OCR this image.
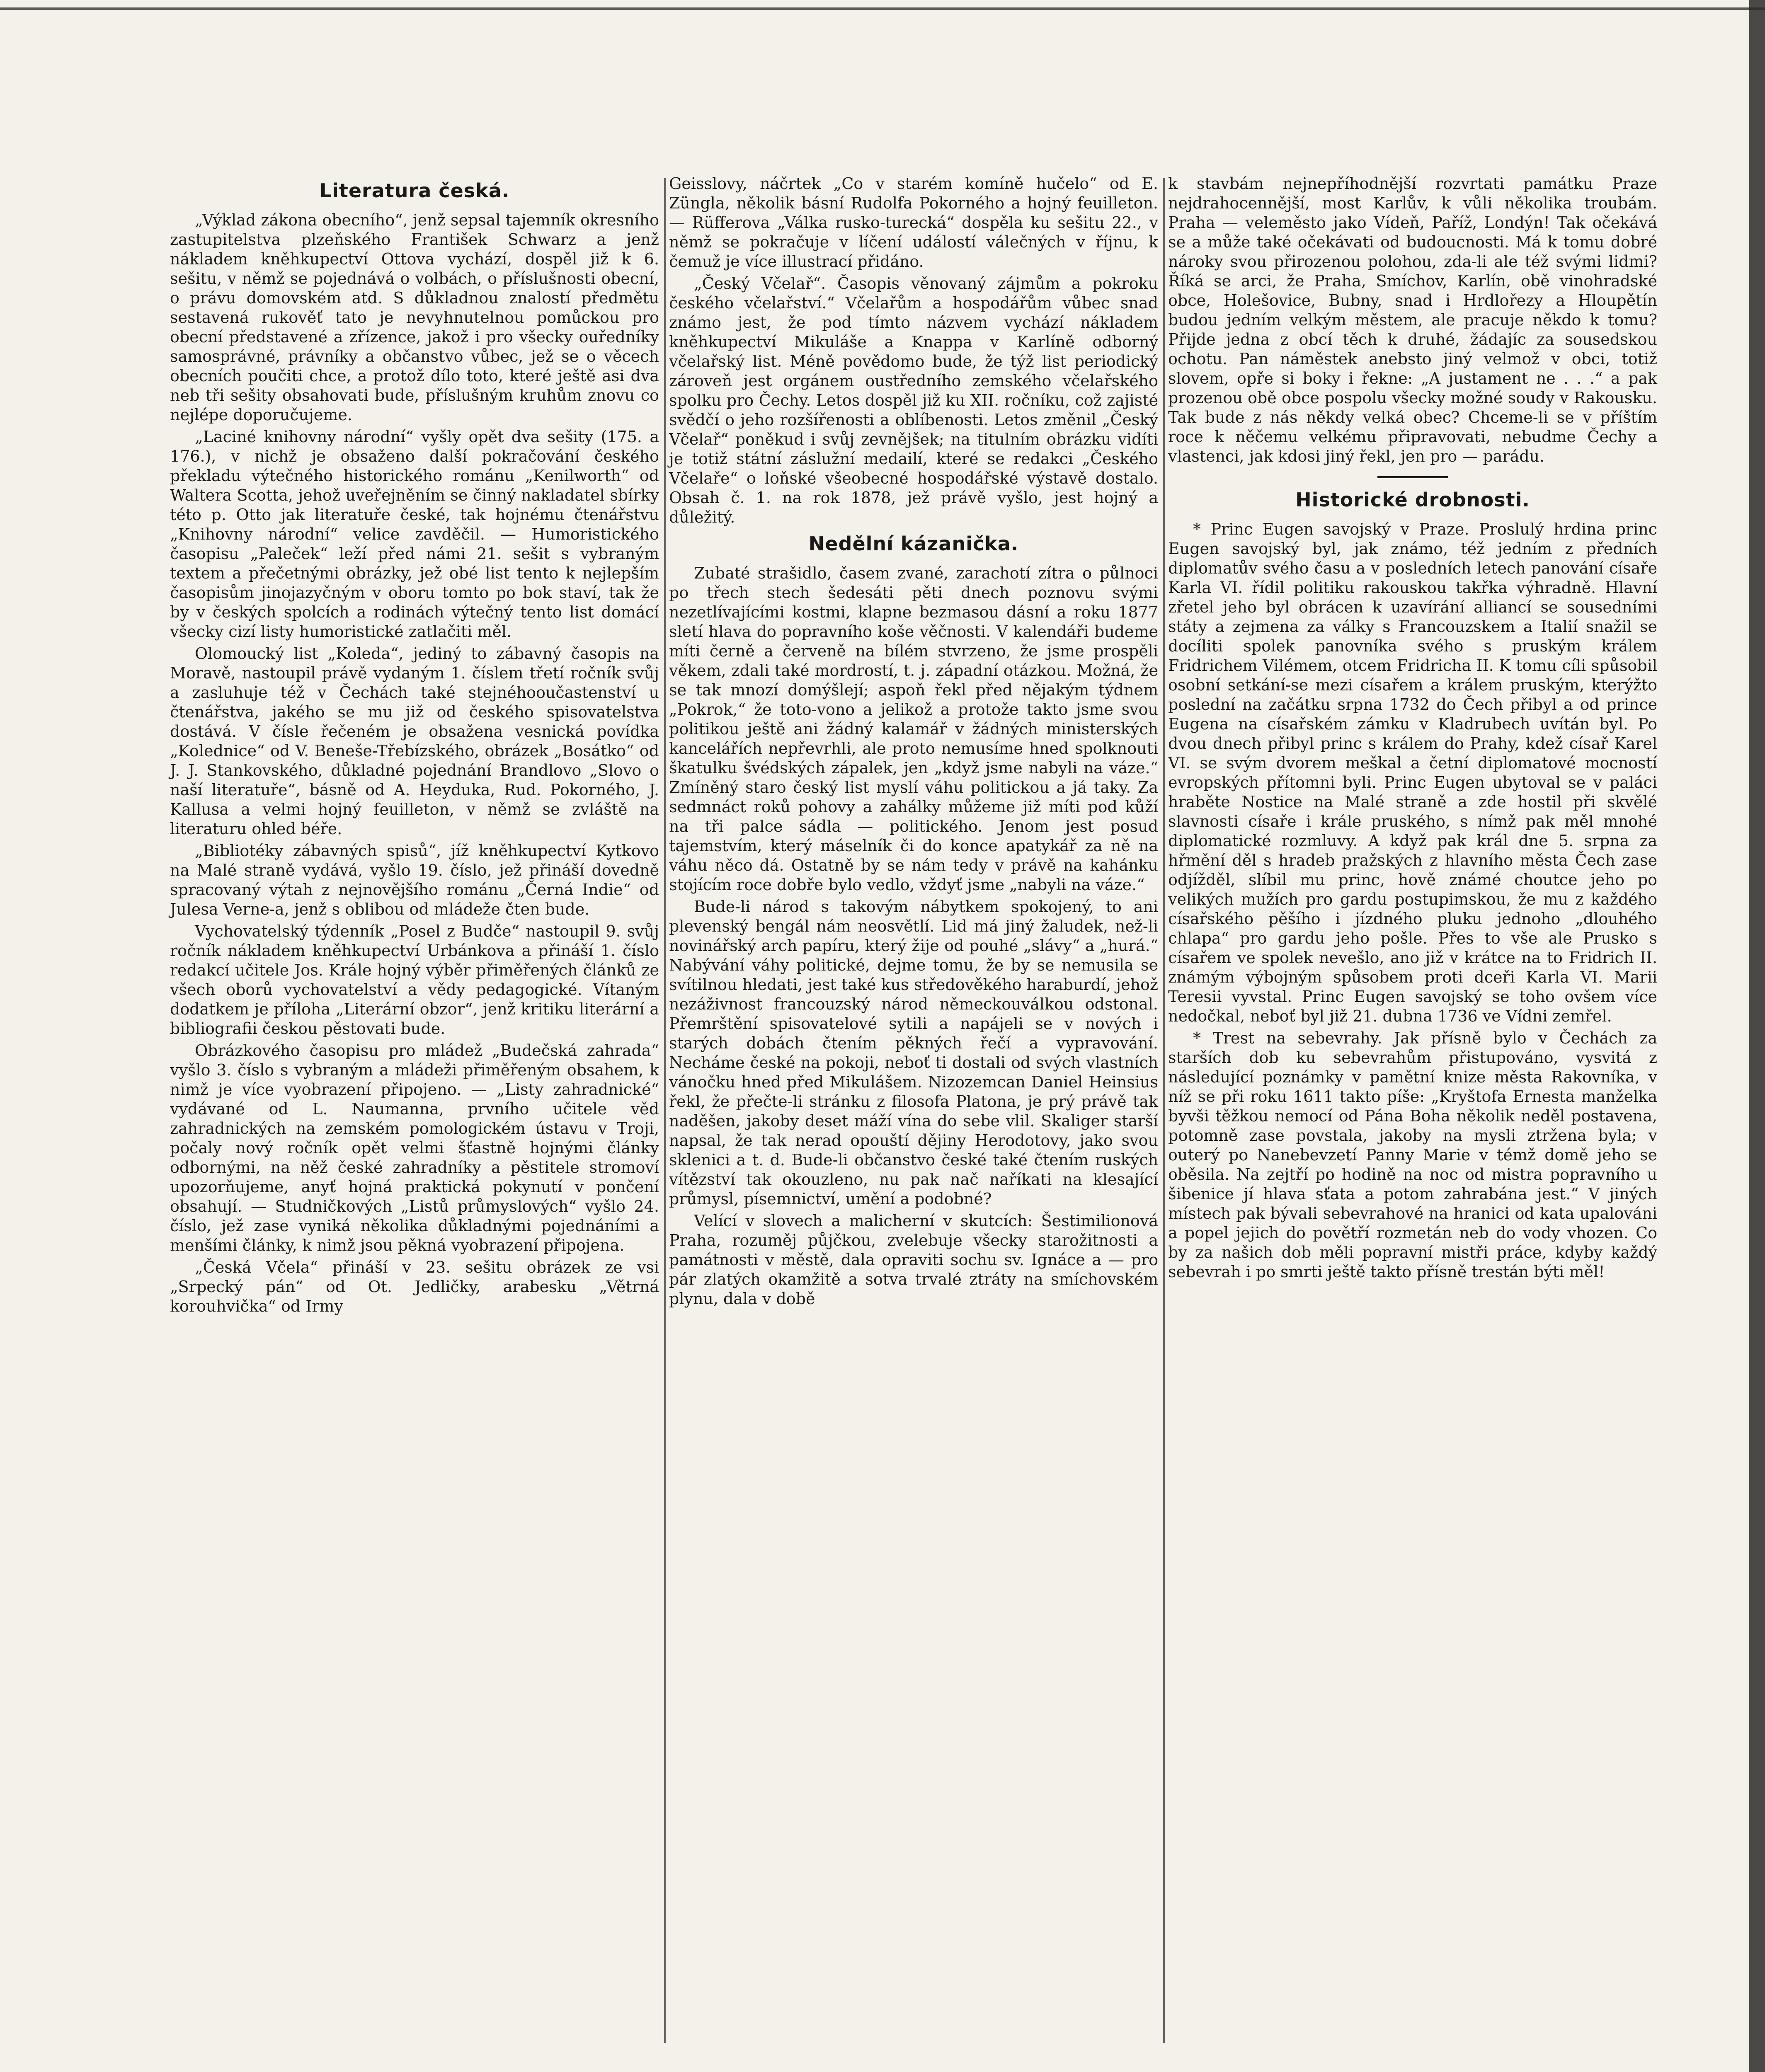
Literatura česká.

„Výklad zákona obecního“, jenž sepsal tajemník okresního zastupitelstva plzeňského František Schwarz a jenž nákladem kněhkupectví Ottova vychází, dospěl již k 6. sešitu, v němž se pojednává o volbách, o příslušnosti obecní, o právu domovském atd. S důkladnou znalostí předmětu sestavená rukověť tato je nevyhnutelnou pomůckou pro obecní představené a zřízence, jakož i pro všecky ouředníky samosprávné, právníky a občanstvo vůbec, jež se o věcech obecních poučiti chce, a protož dílo toto, které ještě asi dva neb tři sešity obsahovati bude, příslušným kruhům znovu co nejlépe doporučujeme.

„Laciné knihovny národní“ vyšly opět dva sešity (175. a 176.), v nichž je obsaženo další pokračování českého překladu výtečného historického románu „Kenilworth“ od Waltera Scotta, jehož uveřejněním se činný nakladatel sbírky této p. Otto jak literatuře české, tak hojnému čtenářstvu „Knihovny národní“ velice zavděčil. — Humoristického časopisu „Paleček“ leží před námi 21. sešit s vybraným textem a přečetnými obrázky, jež obé list tento k nejlepším časopisům jinojazyčným v oboru tomto po bok staví, tak že by v českých spolcích a rodinách výtečný tento list domácí všecky cizí listy humoristické zatlačiti měl.

Olomoucký list „Koleda“, jediný to zábavný časopis na Moravě, nastoupil právě vydaným 1. číslem třetí ročník svůj a zasluhuje též v Čechách také stejnéhooučastenství u čtenářstva, jakého se mu již od českého spisovatelstva dostává. V čísle řečeném je obsažena vesnická povídka „Kolednice“ od V. Beneše-Třebízského, obrázek „Bosátko“ od J. J. Stankovského, důkladné pojednání Brandlovo „Slovo o naší literatuře“, básně od A. Heyduka, Rud. Pokorného, J. Kallusa a velmi hojný feuilleton, v němž se zvláště na literaturu ohled béře.

„Bibliotéky zábavných spisů“, jíž kněhkupectví Kytkovo na Malé straně vydává, vyšlo 19. číslo, jež přináší dovedně spracovaný výtah z nejnovějšího románu „Černá Indie“ od Julesa Verne-a, jenž s oblibou od mládeže čten bude.

Vychovatelský týdenník „Posel z Budče“ nastoupil 9. svůj ročník nákladem kněhkupectví Urbánkova a přináší 1. číslo redakcí učitele Jos. Krále hojný výběr přiměřených článků ze všech oborů vychovatelství a vědy pedagogické. Vítaným dodatkem je příloha „Literární obzor“, jenž kritiku literární a bibliografii českou pěstovati bude.

Obrázkového časopisu pro mládež „Budečská zahrada“ vyšlo 3. číslo s vybraným a mládeži přiměřeným obsahem, k nimž je více vyobrazení připojeno. — „Listy zahradnické“ vydávané od L. Naumanna, prvního učitele věd zahradnických na zemském pomologickém ústavu v Troji, počaly nový ročník opět velmi šťastně hojnými články odbornými, na něž české zahradníky a pěstitele stromoví upozorňujeme, anyť hojná praktická pokynutí v pončení obsahují. — Studničkových „Listů průmyslových“ vyšlo 24. číslo, jež zase vyniká několika důkladnými pojednáními a menšími články, k nimž jsou pěkná vyobrazení připojena.

„Česká Včela“ přináší v 23. sešitu obrázek ze vsi „Srpecký pán“ od Ot. Jedličky, arabesku „Větrná korouhvička“ od Irmy

Geisslovy, náčrtek „Co v starém komíně hučelo“ od E. Züngla, několik básní Rudolfa Pokorného a hojný feuilleton. — Rüfferova „Válka rusko-turecká“ dospěla ku sešitu 22., v němž se pokračuje v líčení událostí válečných v říjnu, k čemuž je více illustrací přidáno.

„Český Včelař“. Časopis věnovaný zájmům a pokroku českého včelařství.“ Včelařům a hospodářům vůbec snad známo jest, že pod tímto názvem vychází nákladem kněhkupectví Mikuláše a Knappa v Karlíně odborný včelařský list. Méně povědomo bude, že týž list periodický zároveň jest orgánem oustředního zemského včelařského spolku pro Čechy. Letos dospěl již ku XII. ročníku, což zajisté svědčí o jeho rozšířenosti a oblíbenosti. Letos změnil „Český Včelař“ poněkud i svůj zevnějšek; na titulním obrázku vidíti je totiž státní záslužní medailí, které se redakci „Českého Včelaře“ o loňské všeobecné hospodářské výstavě dostalo. Obsah č. 1. na rok 1878, jež právě vyšlo, jest hojný a důležitý.

Nedělní kázanička.

Zubaté strašidlo, časem zvané, zarachotí zítra o půlnoci po třech stech šedesáti pěti dnech poznovu svými nezetlívajícími kostmi, klapne bezmasou dásní a roku 1877 sletí hlava do popravního koše věčnosti. V kalendáři budeme míti černě a červeně na bílém stvrzeno, že jsme prospěli věkem, zdali také mordrostí, t. j. západní otázkou. Možná, že se tak mnozí domýšlejí; aspoň řekl před nějakým týdnem „Pokrok,“ že toto-vono a jelikož a protože takto jsme svou politikou ještě ani žádný kalamář v žádných ministerských kancelářích nepřevrhli, ale proto nemusíme hned spolknouti škatulku švédských zápalek, jen „když jsme nabyli na váze.“ Zmíněný staro český list myslí váhu politickou a já taky. Za sedmnáct roků pohovy a zahálky můžeme již míti pod kůží na tři palce sádla — politického. Jenom jest posud tajemstvím, který máselník či do konce apatykář za ně na váhu něco dá. Ostatně by se nám tedy v právě na kahánku stojícím roce dobře bylo vedlo, vždyť jsme „nabyli na váze.“

Bude-li národ s takovým nábytkem spokojený, to ani plevenský bengál nám neosvětlí. Lid má jiný žaludek, než-li novinářský arch papíru, který žije od pouhé „slávy“ a „hurá.“ Nabývání váhy politické, dejme tomu, že by se nemusila se svítilnou hledati, jest také kus středověkého haraburdí, jehož nezáživnost francouzský národ německouválkou odstonal. Přemrštění spisovatelové sytili a napájeli se v nových i starých dobách čtením pěkných řečí a vypravování. Necháme české na pokoji, neboť ti dostali od svých vlastních vánočku hned před Mikulášem. Nizozemcan Daniel Heinsius řekl, že přečte-li stránku z filosofa Platona, je prý právě tak naděšen, jakoby deset máží vína do sebe vlil. Skaliger starší napsal, že tak nerad opouští dějiny Herodotovy, jako svou sklenici a t. d. Bude-li občanstvo české také čtením ruských vítězství tak okouzleno, nu pak nač naříkati na klesající průmysl, písemnictví, umění a podobné?

Velící v slovech a malicherní v skutcích: Šestimilionová Praha, rozuměj půjčkou, zvelebuje všecky starožitnosti a památnosti v městě, dala opraviti sochu sv. Ignáce a — pro pár zlatých okamžitě a sotva trvalé ztráty na smíchovském plynu, dala v době

k stavbám nejnepříhodnější rozvrtati památku Praze nejdrahocennější, most Karlův, k vůli několika troubám. Praha — veleměsto jako Vídeň, Paříž, Londýn! Tak očekává se a může také očekávati od budoucnosti. Má k tomu dobré nároky svou přirozenou polohou, zda-li ale též svými lidmi? Říká se arci, že Praha, Smíchov, Karlín, obě vinohradské obce, Holešovice, Bubny, snad i Hrdlořezy a Hloupětín budou jedním velkým městem, ale pracuje někdo k tomu? Přijde jedna z obcí těch k druhé, žádajíc za sousedskou ochotu. Pan náměstek anebsto jiný velmož v obci, totiž slovem, opře si boky i řekne: „A justament ne . . .“ a pak prozenou obě obce pospolu všecky možné soudy v Rakousku. Tak bude z nás někdy velká obec? Chceme-li se v příštím roce k něčemu velkému připravovati, nebudme Čechy a vlastenci, jak kdosi jiný řekl, jen pro — parádu.

Historické drobnosti.

* Princ Eugen savojský v Praze. Proslulý hrdina princ Eugen savojský byl, jak známo, též jedním z předních diplomatův svého času a v posledních letech panování císaře Karla VI. řídil politiku rakouskou takřka výhradně. Hlavní zřetel jeho byl obrácen k uzavírání alliancí se sousedními státy a zejmena za války s Francouzskem a Italií snažil se docíliti spolek panovníka svého s pruským králem Fridrichem Vilémem, otcem Fridricha II. K tomu cíli spůsobil osobní setkání-se mezi císařem a králem pruským, kterýžto poslední na začátku srpna 1732 do Čech přibyl a od prince Eugena na císařském zámku v Kladrubech uvítán byl. Po dvou dnech přibyl princ s králem do Prahy, kdež císař Karel VI. se svým dvorem meškal a četní diplomatové mocností evropských přítomni byli. Princ Eugen ubytoval se v paláci hraběte Nostice na Malé straně a zde hostil při skvělé slavnosti císaře i krále pruského, s nímž pak měl mnohé diplomatické rozmluvy. A když pak král dne 5. srpna za hřmění děl s hradeb pražských z hlavního města Čech zase odjížděl, slíbil mu princ, hově známé choutce jeho po velikých mužích pro gardu postupimskou, že mu z každého císařského pěšího i jízdného pluku jednoho „dlouhého chlapa“ pro gardu jeho pošle. Přes to vše ale Prusko s císařem ve spolek nevešlo, ano již v krátce na to Fridrich II. známým výbojným spůsobem proti dceři Karla VI. Marii Teresii vyvstal. Princ Eugen savojský se toho ovšem více nedočkal, neboť byl již 21. dubna 1736 ve Vídni zemřel.

* Trest na sebevrahy. Jak přísně bylo v Čechách za starších dob ku sebevrahům přistupováno, vysvitá z následující poznámky v pamětní knize města Rakovníka, v níž se při roku 1611 takto píše: „Kryštofa Ernesta manželka byvši těžkou nemocí od Pána Boha několik neděl postavena, potomně zase povstala, jakoby na mysli ztržena byla; v outerý po Nanebevzetí Panny Marie v témž domě jeho se oběsila. Na zejtří po hodině na noc od mistra popravního u šibenice jí hlava sťata a potom zahrabána jest.“ V jiných místech pak bývali sebevrahové na hranici od kata upalováni a popel jejich do povětří rozmetán neb do vody vhozen. Co by za našich dob měli popravní mistři práce, kdyby každý sebevrah i po smrti ještě takto přísně trestán býti měl!
